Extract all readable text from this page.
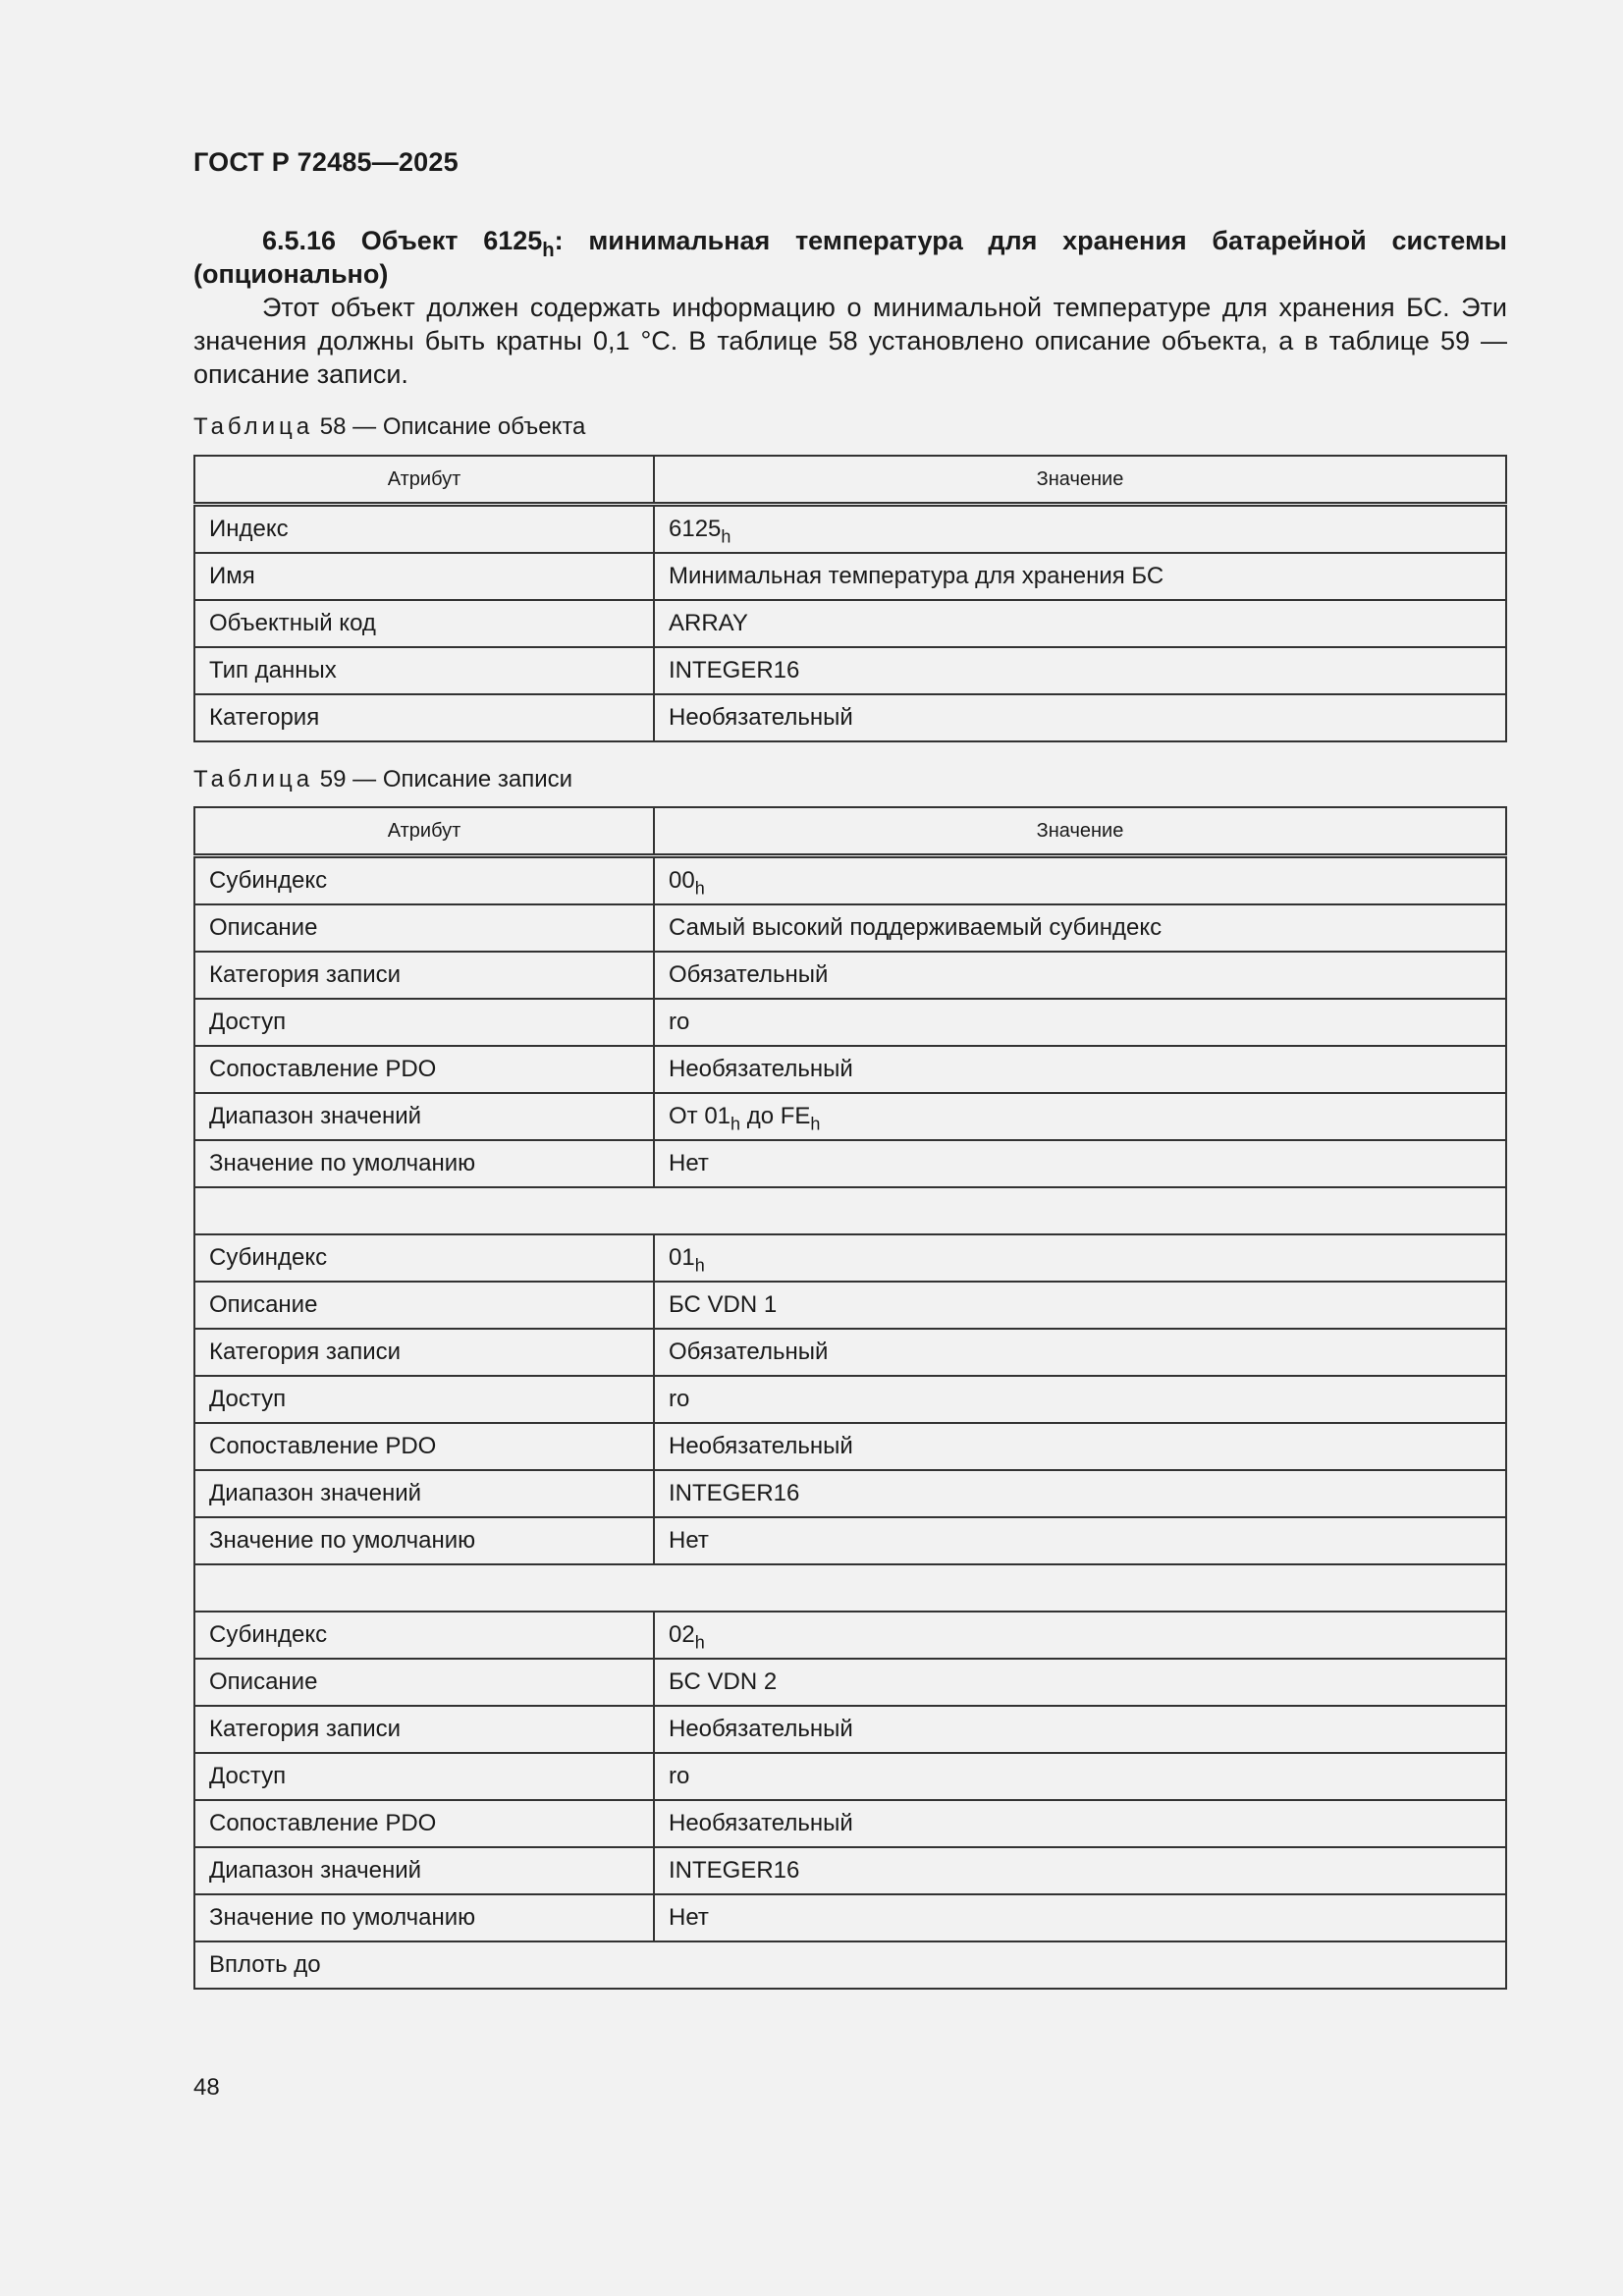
ГОСТ Р 72485—2025
6.5.16 Объект $6125_h$: минимальная температура для хранения батарейной системы (опционально)
Этот объект должен содержать информацию о минимальной температуре для хранения БС. Эти значения должны быть кратны 0,1 °С. В таблице 58 установлено описание объекта, а в таблице 59 — описание записи.
Таблица 58 — Описание объекта
Атрибут	Значение
Индекс	$6125_h$
Имя	Минимальная температура для хранения БС
Объектный код	ARRAY
Тип данных	INTEGER16
Категория	Необязательный
Таблица 59 — Описание записи
Атрибут	Значение
Субиндекс	$00_h$
Описание	Самый высокий поддерживаемый субиндекс
Категория записи	Обязательный
Доступ	ro
Сопоставление PDO	Необязательный
Диапазон значений	От $01_h$ до $FE_h$
Значение по умолчанию	Нет

Субиндекс	$01_h$
Описание	БС VDN 1
Категория записи	Обязательный
Доступ	ro
Сопоставление PDO	Необязательный
Диапазон значений	INTEGER16
Значение по умолчанию	Нет

Субиндекс	$02_h$
Описание	БС VDN 2
Категория записи	Необязательный
Доступ	ro
Сопоставление PDO	Необязательный
Диапазон значений	INTEGER16
Значение по умолчанию	Нет
Вплоть до	
48
